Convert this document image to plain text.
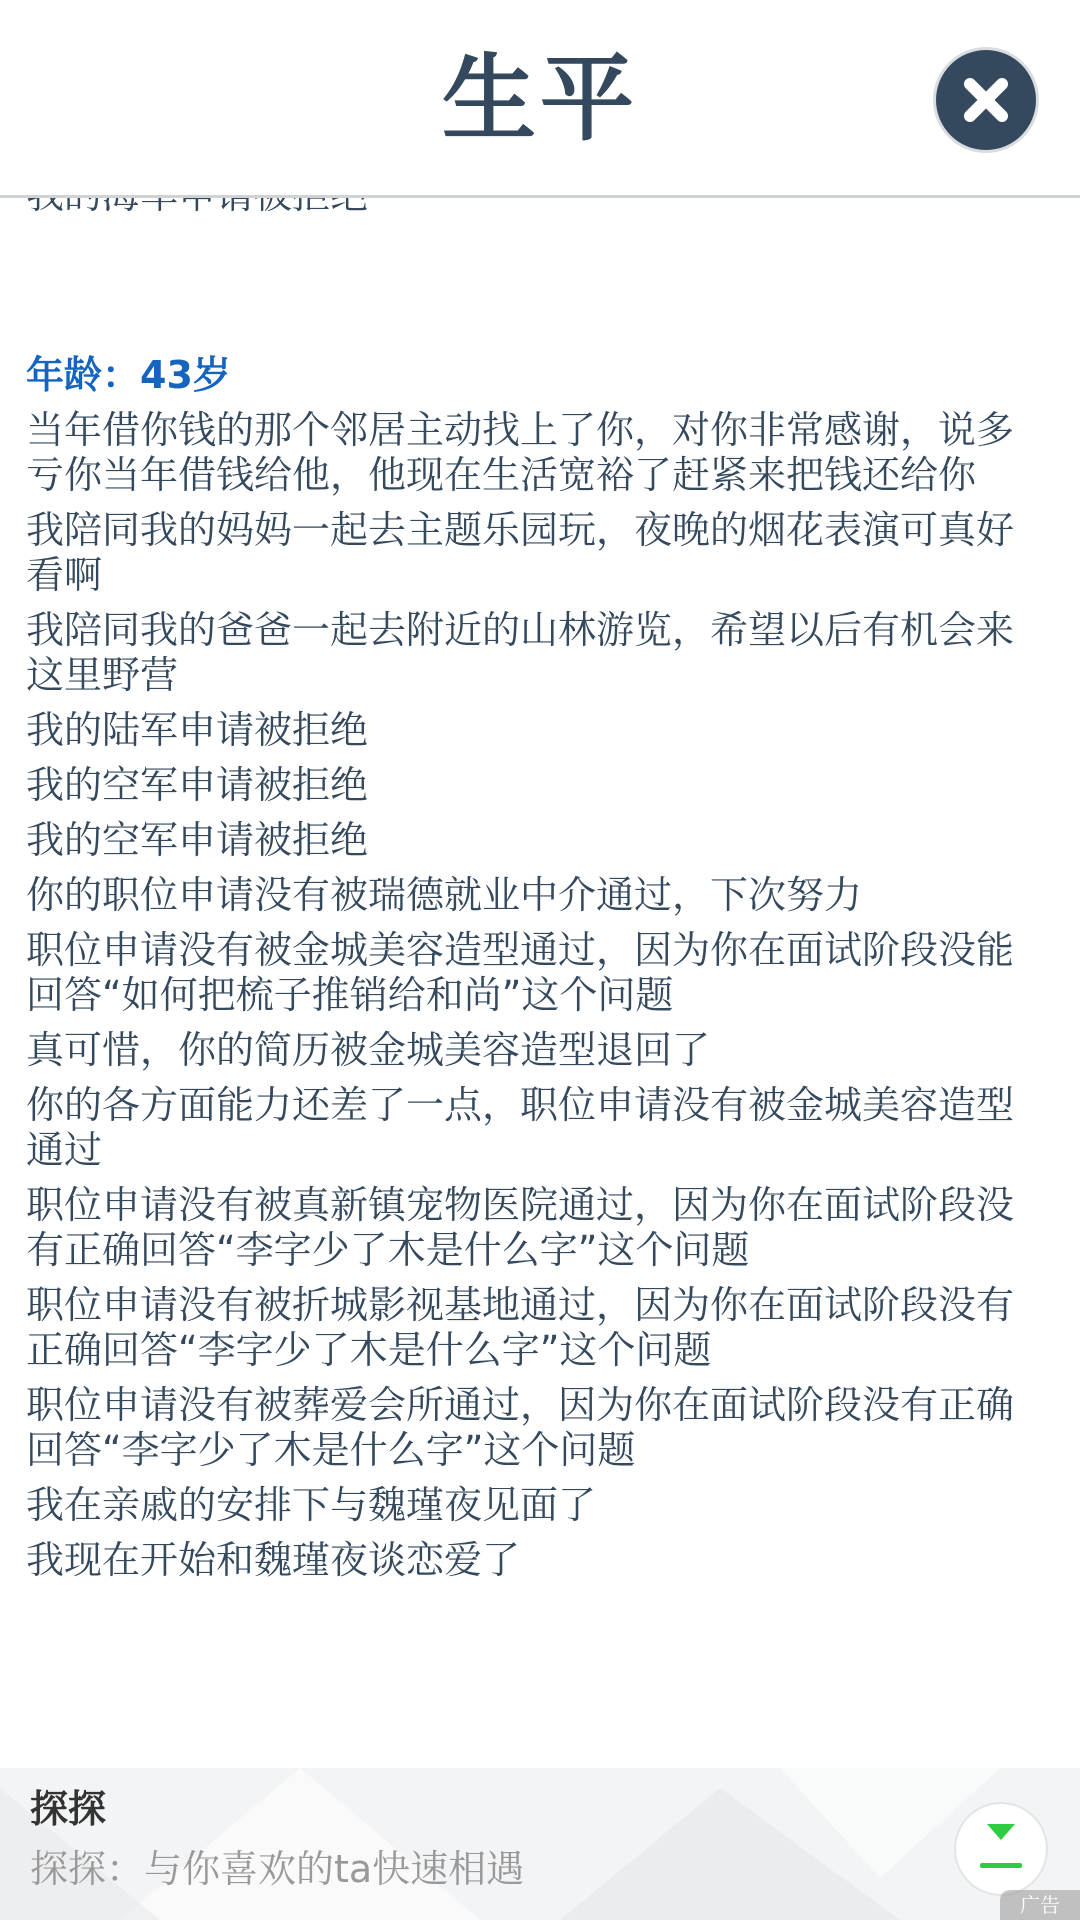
生平
年龄：43岁
当年借你钱的那个邻居主动找上了你，对你非常感谢，说多亏你当年借钱给他，他现在生活宽裕了赶紧来把钱还给你
我陪同我的妈妈一起去主题乐园玩，夜晚的烟花表演可真好看啊
我陪同我的爸爸一起去附近的山林游览，希望以后有机会来这里野营
我的陆军申请被拒绝
我的空军申请被拒绝
我的空军申请被拒绝
你的职位申请没有被瑞德就业中介通过，下次努力
职位申请没有被金城美容造型通过，因为你在面试阶段没能回答“如何把梳子推销给和尚”这个问题
真可惜，你的简历被金城美容造型退回了
你的各方面能力还差了一点，职位申请没有被金城美容造型通过
职位申请没有被真新镇宠物医院通过，因为你在面试阶段没有正确回答“李字少了木是什么字”这个问题
职位申请没有被折城影视基地通过，因为你在面试阶段没有正确回答“李字少了木是什么字”这个问题
职位申请没有被葬爱会所通过，因为你在面试阶段没有正确回答“李字少了木是什么字”这个问题
我在亲戚的安排下与魏瑾夜见面了
我现在开始和魏瑾夜谈恋爱了
探探
探探：与你喜欢的ta快速相遇
广告
